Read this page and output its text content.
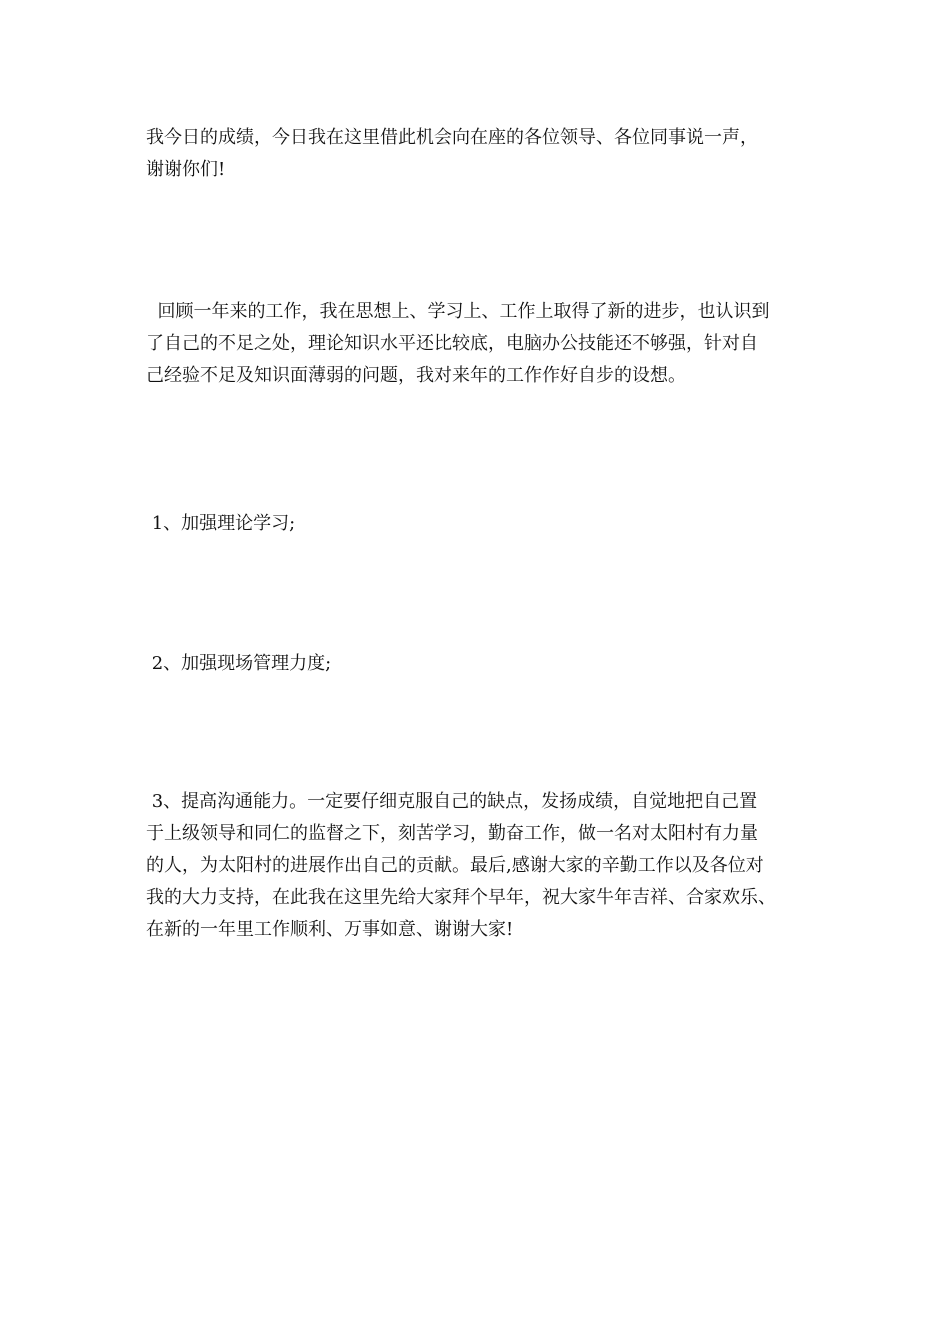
我今日的成绩，今日我在这里借此机会向在座的各位领导、各位同事说一声，
谢谢你们!

回顾一年来的工作，我在思想上、学习上、工作上取得了新的进步，也认识到
了自己的不足之处，理论知识水平还比较底，电脑办公技能还不够强，针对自
己经验不足及知识面薄弱的问题，我对来年的工作作好自步的设想。

1、加强理论学习;

2、加强现场管理力度;

3、提高沟通能力。一定要仔细克服自己的缺点，发扬成绩，自觉地把自己置
于上级领导和同仁的监督之下，刻苦学习，勤奋工作，做一名对太阳村有力量
的人，为太阳村的进展作出自己的贡献。最后,感谢大家的辛勤工作以及各位对
我的大力支持，在此我在这里先给大家拜个早年，祝大家牛年吉祥、合家欢乐、
在新的一年里工作顺利、万事如意、谢谢大家!
